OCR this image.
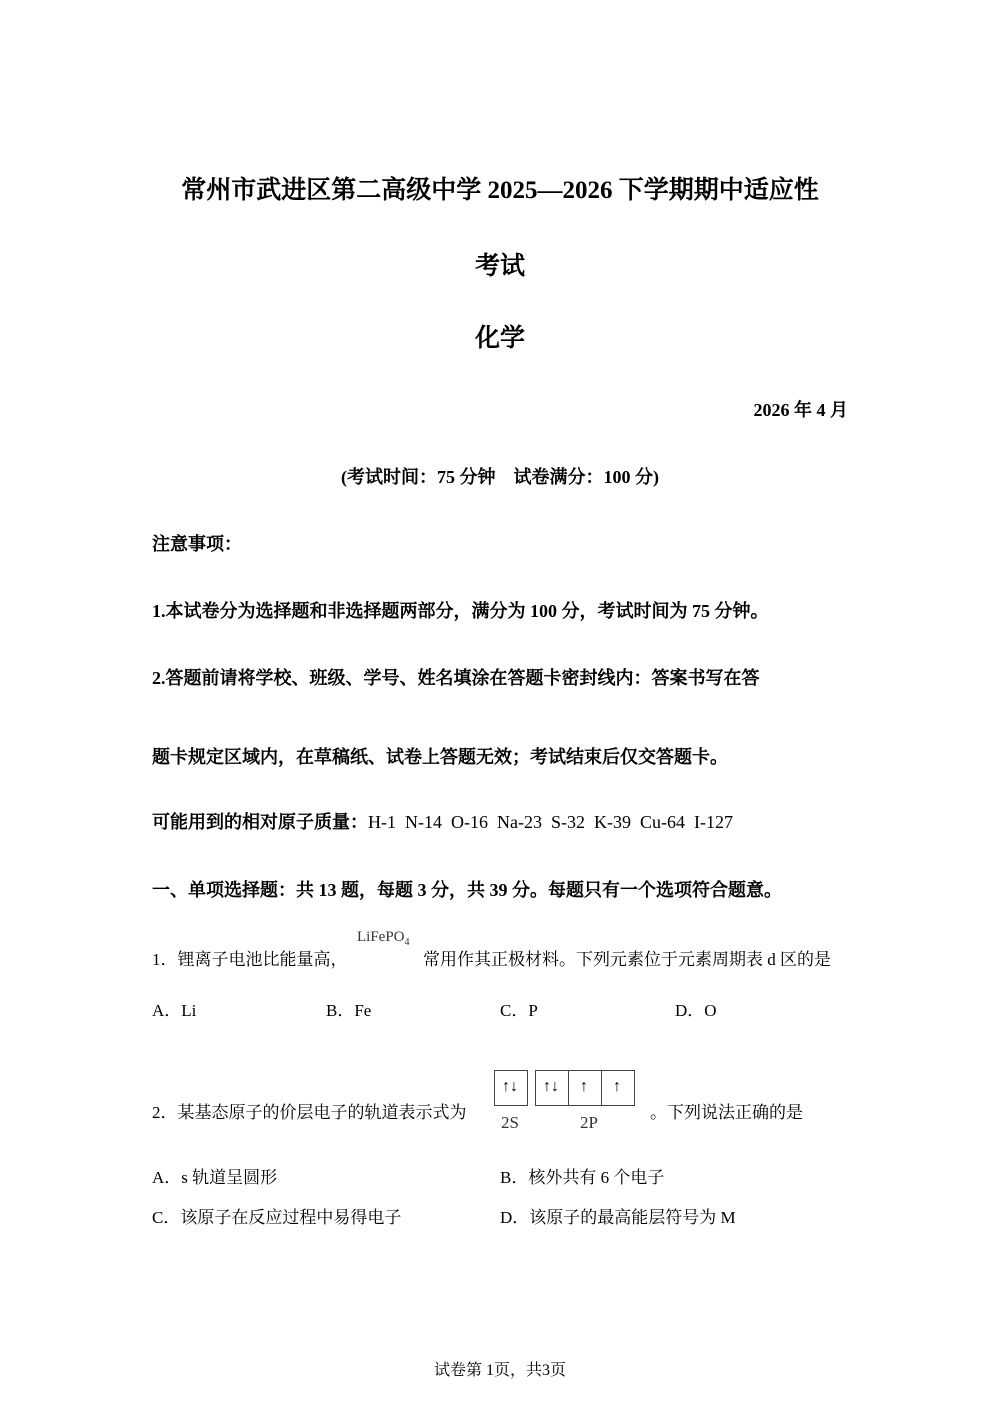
常州市武进区第二高级中学 2025—2026 下学期期中适应性
考试
化学
2026 年 4 月
(考试时间：75 分钟　试卷满分：100 分)
注意事项：
1.本试卷分为选择题和非选择题两部分，满分为 100 分，考试时间为 75 分钟。
2.答题前请将学校、班级、学号、姓名填涂在答题卡密封线内：答案书写在答
题卡规定区域内，在草稿纸、试卷上答题无效；考试结束后仅交答题卡。
可能用到的相对原子质量：H-1  N-14  O-16  Na-23  S-32  K-39  Cu-64  I-127
一、单项选择题：共 13 题，每题 3 分，共 39 分。每题只有一个选项符合题意。
1．锂离子电池比能量高，
LiFePO$_4$
常用作其正极材料。下列元素位于元素周期表 d 区的是
A．Li	B．Fe	C．P	D．O
2．某基态原子的价层电子的轨道表示式为
↑↓ ↑↓ ↑ ↑
2S	2P
。下列说法正确的是
A．s 轨道呈圆形	B．核外共有 6 个电子
C．该原子在反应过程中易得电子	D．该原子的最高能层符号为 M
试卷第 1页，共3页
